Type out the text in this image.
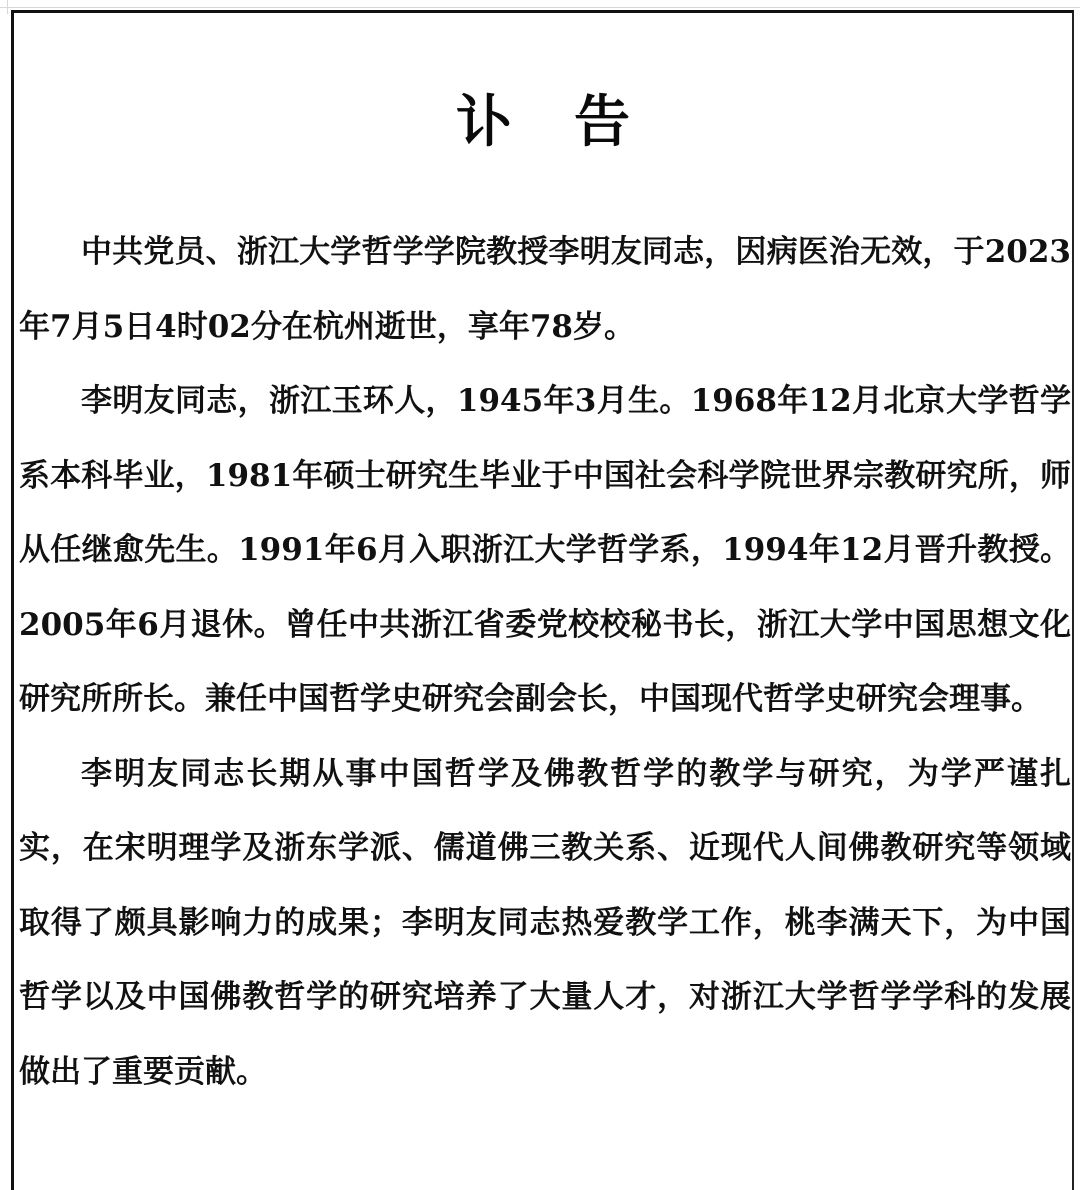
讣 告

中共党员、浙江大学哲学学院教授李明友同志，因病医治无效，于2023年7月5日4时02分在杭州逝世，享年78岁。

李明友同志，浙江玉环人，1945年3月生。1968年12月北京大学哲学系本科毕业，1981年硕士研究生毕业于中国社会科学院世界宗教研究所，师从任继愈先生。1991年6月入职浙江大学哲学系，1994年12月晋升教授。2005年6月退休。曾任中共浙江省委党校校秘书长，浙江大学中国思想文化研究所所长。兼任中国哲学史研究会副会长，中国现代哲学史研究会理事。

李明友同志长期从事中国哲学及佛教哲学的教学与研究，为学严谨扎实，在宋明理学及浙东学派、儒道佛三教关系、近现代人间佛教研究等领域取得了颇具影响力的成果；李明友同志热爱教学工作，桃李满天下，为中国哲学以及中国佛教哲学的研究培养了大量人才，对浙江大学哲学学科的发展做出了重要贡献。
